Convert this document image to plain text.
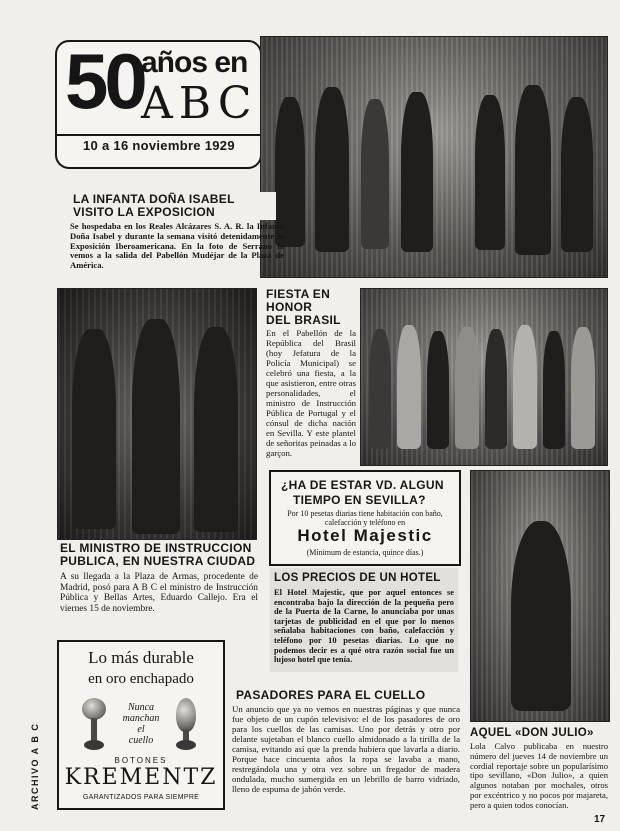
50
años en
ABC
10 a 16 noviembre 1929
LA INFANTA DOÑA ISABEL
VISITO LA EXPOSICION
Se hospedaba en los Reales Alcázares S. A. R. la Infanta Doña Isabel y durante la semana visitó detenidamente la Exposición Iberoamericana. En la foto de Serrano la vemos a la salida del Pabellón Mudéjar de la Plaza de América.
EL MINISTRO DE INSTRUCCION
PUBLICA, EN NUESTRA CIUDAD
A su llegada a la Plaza de Armas, procedente de Madrid, posó para A B C el ministro de Instrucción Pública y Bellas Artes, Eduardo Callejo. Era el viernes 15 de noviembre.
FIESTA EN
HONOR
DEL BRASIL
En el Pabellón de la República del Brasil (hoy Jefatura de la Policía Municipal) se celebró una fiesta, a la que asistieron, entre otras personalidades, el ministro de Instrucción Pública de Portugal y el cónsul de dicha nación en Sevilla. Y este plantel de señoritas peinadas a lo garçon.
¿HA DE ESTAR VD. ALGUN
TIEMPO EN SEVILLA?
Por 10 pesetas diarias tiene habitación con baño, calefacción y teléfono en
Hotel Majestic
(Mínimum de estancia, quince días.)
LOS PRECIOS DE UN HOTEL
El Hotel Majestic, que por aquel entonces se encontraba bajo la dirección de la pequeña pero de la Puerta de la Carne, lo anunciaba por unas tarjetas de publicidad en el que por lo menos señalaba habitaciones con baño, calefacción y teléfono por 10 pesetas diarias. Lo que no podemos decir es a qué otra razón social fue un lujoso hotel que tenía.
AQUEL «DON JULIO»
Lola Calvo publicaba en nuestro número del jueves 14 de noviembre un cordial reportaje sobre un popularísimo tipo sevillano, «Don Julio», a quien algunos notaban por mochales, otros por excéntrico y no pocos por majareta, pero a quien todos conocían.
Lo más durable
en oro enchapado
Nunca
manchan
el
cuello
BOTONES
KREMENTZ
GARANTIZADOS PARA SIEMPRE
PASADORES PARA EL CUELLO
Un anuncio que ya no vemos en nuestras páginas y que nunca fue objeto de un cupón televisivo: el de los pasadores de oro para los cuellos de las camisas. Uno por detrás y otro por delante sujetaban el blanco cuello almidonado a la tirilla de la camisa, evitando así que la prenda hubiera que lavarla a diario. Porque hace cincuenta años la ropa se lavaba a mano, restregándola una y otra vez sobre un fregador de madera ondulada, mucho sumergida en un lebrillo de barro vidriado, lleno de espuma de jabón verde.
ARCHIVO A B C
17
